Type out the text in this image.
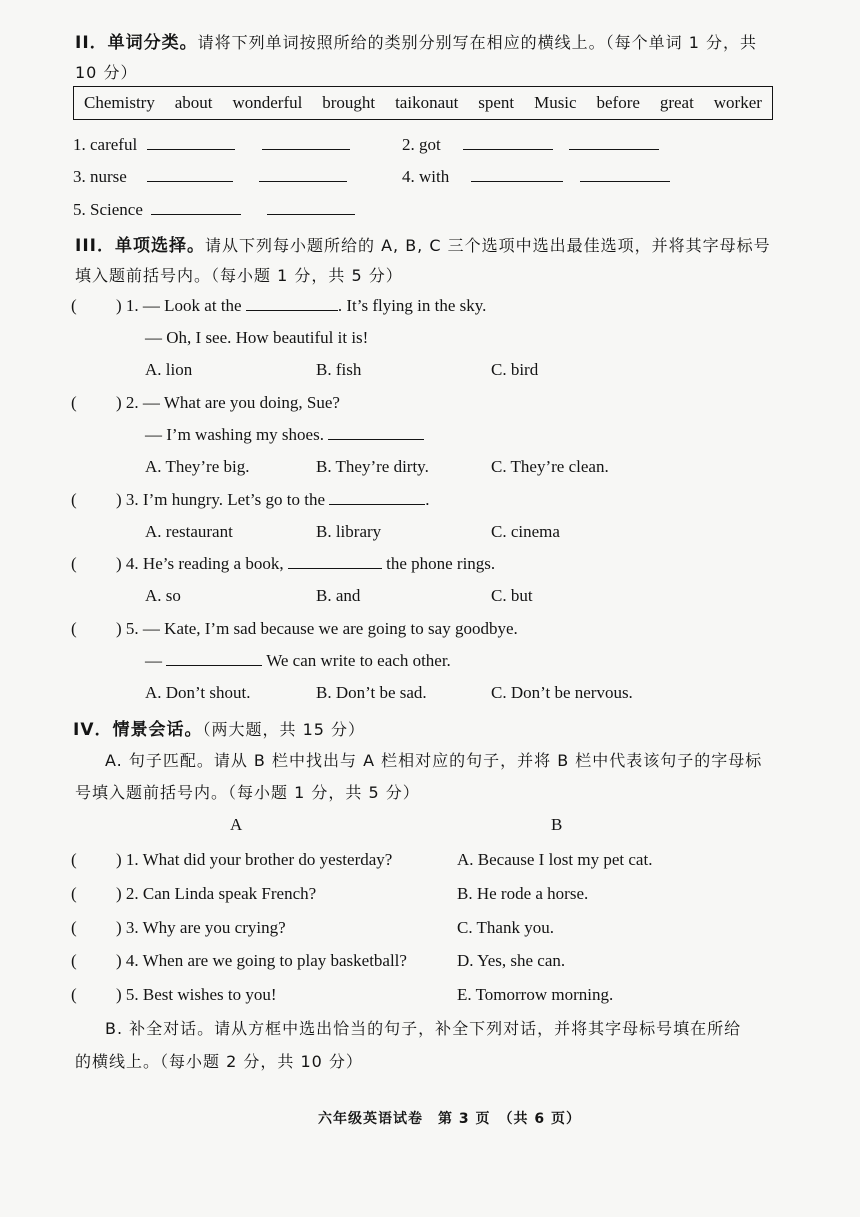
II．单词分类。请将下列单词按照所给的类别分别写在相应的横线上。（每个单词 1 分，共
10 分）
Chemistry about wonderful brought taikonaut spent Music before great worker
1. careful	2. got
3. nurse	4. with
5. Science
III．单项选择。请从下列每小题所给的 A, B, C 三个选项中选出最佳选项，并将其字母标号
填入题前括号内。（每小题 1 分，共 5 分）
( ) 1. — Look at the	. It’s flying in the sky.
— Oh, I see. How beautiful it is!
A. lion	B. fish	C. bird
( ) 2. — What are you doing, Sue?
— I’m washing my shoes.
A. They’re big.	B. They’re dirty.	C. They’re clean.
( ) 3. I’m hungry. Let’s go to the	.
A. restaurant	B. library	C. cinema
( ) 4. He’s reading a book,	the phone rings.
A. so	B. and	C. but
( ) 5. — Kate, I’m sad because we are going to say goodbye.
—	We can write to each other.
A. Don’t shout.	B. Don’t be sad.	C. Don’t be nervous.
IV．情景会话。（两大题，共 15 分）
A. 句子匹配。请从 B 栏中找出与 A 栏相对应的句子，并将 B 栏中代表该句子的字母标
号填入题前括号内。（每小题 1 分，共 5 分）
A	B
( ) 1. What did your brother do yesterday?	A. Because I lost my pet cat.
( ) 2. Can Linda speak French?	B. He rode a horse.
( ) 3. Why are you crying?	C. Thank you.
( ) 4. When are we going to play basketball?	D. Yes, she can.
( ) 5. Best wishes to you!	E. Tomorrow morning.
B. 补全对话。请从方框中选出恰当的句子，补全下列对话，并将其字母标号填在所给
的横线上。（每小题 2 分，共 10 分）
六年级英语试卷　第 3 页　（共 6 页）
